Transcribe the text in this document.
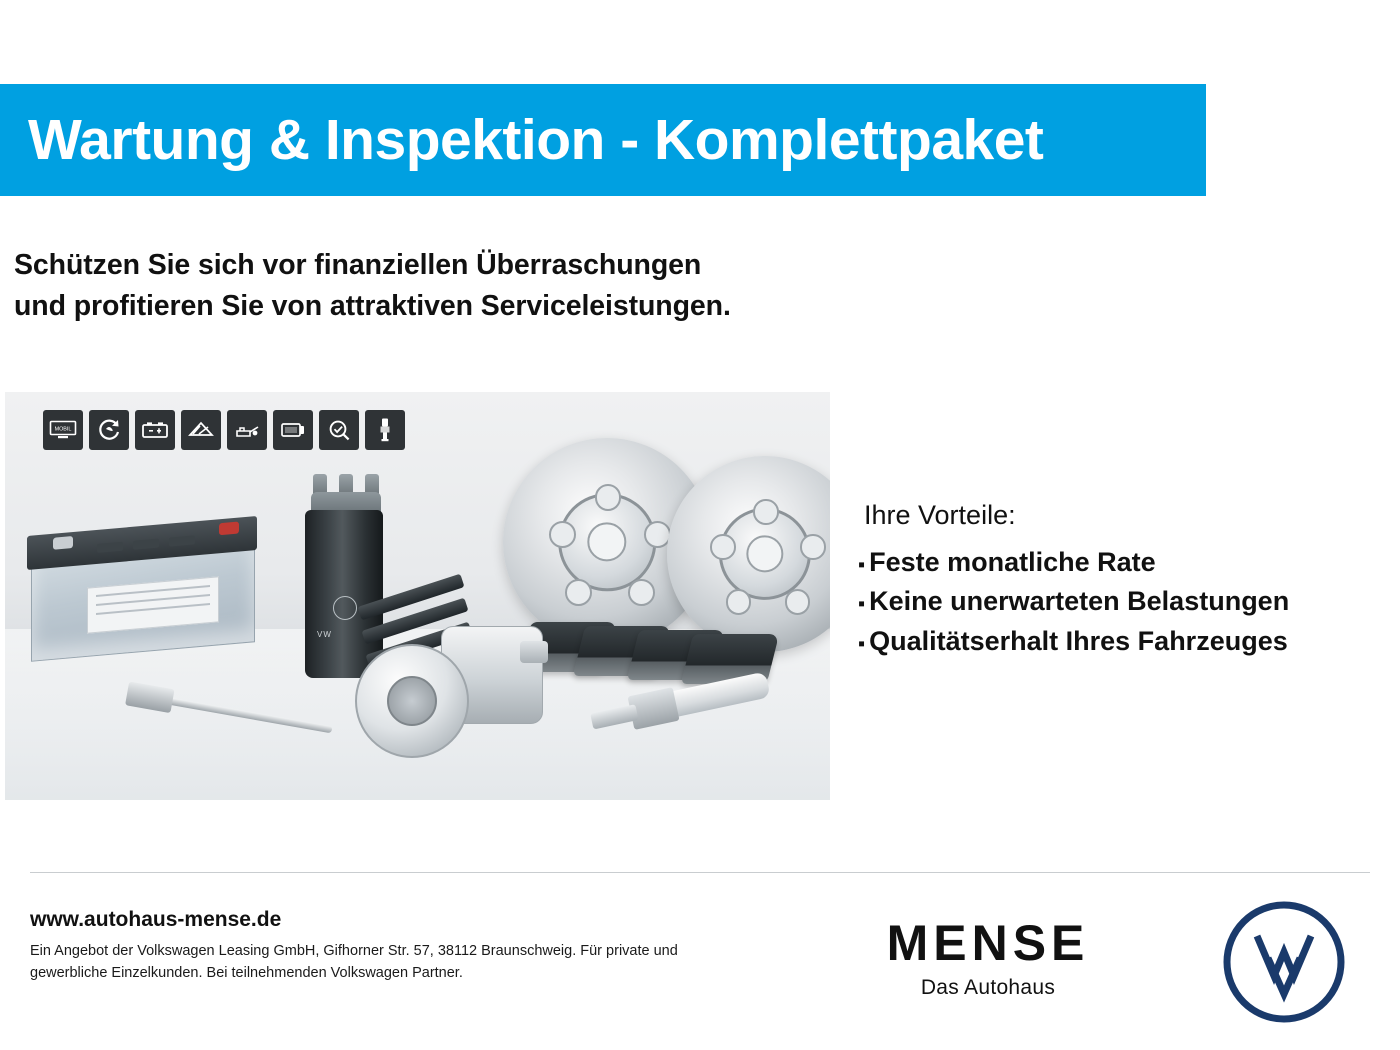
Wartung & Inspektion - Komplettpaket
Schützen Sie sich vor finanziellen Überraschungen
und profitieren Sie von attraktiven Serviceleistungen.
MOBIL
VW
Ihre Vorteile:
▪ Feste monatliche Rate
▪ Keine unerwarteten Belastungen
▪ Qualitätserhalt Ihres Fahrzeuges
www.autohaus-mense.de
Ein Angebot der Volkswagen Leasing GmbH, Gifhorner Str. 57, 38112 Braunschweig. Für private und gewerbliche Einzelkunden. Bei teilnehmenden Volkswagen Partner.
MENSE
Das Autohaus
